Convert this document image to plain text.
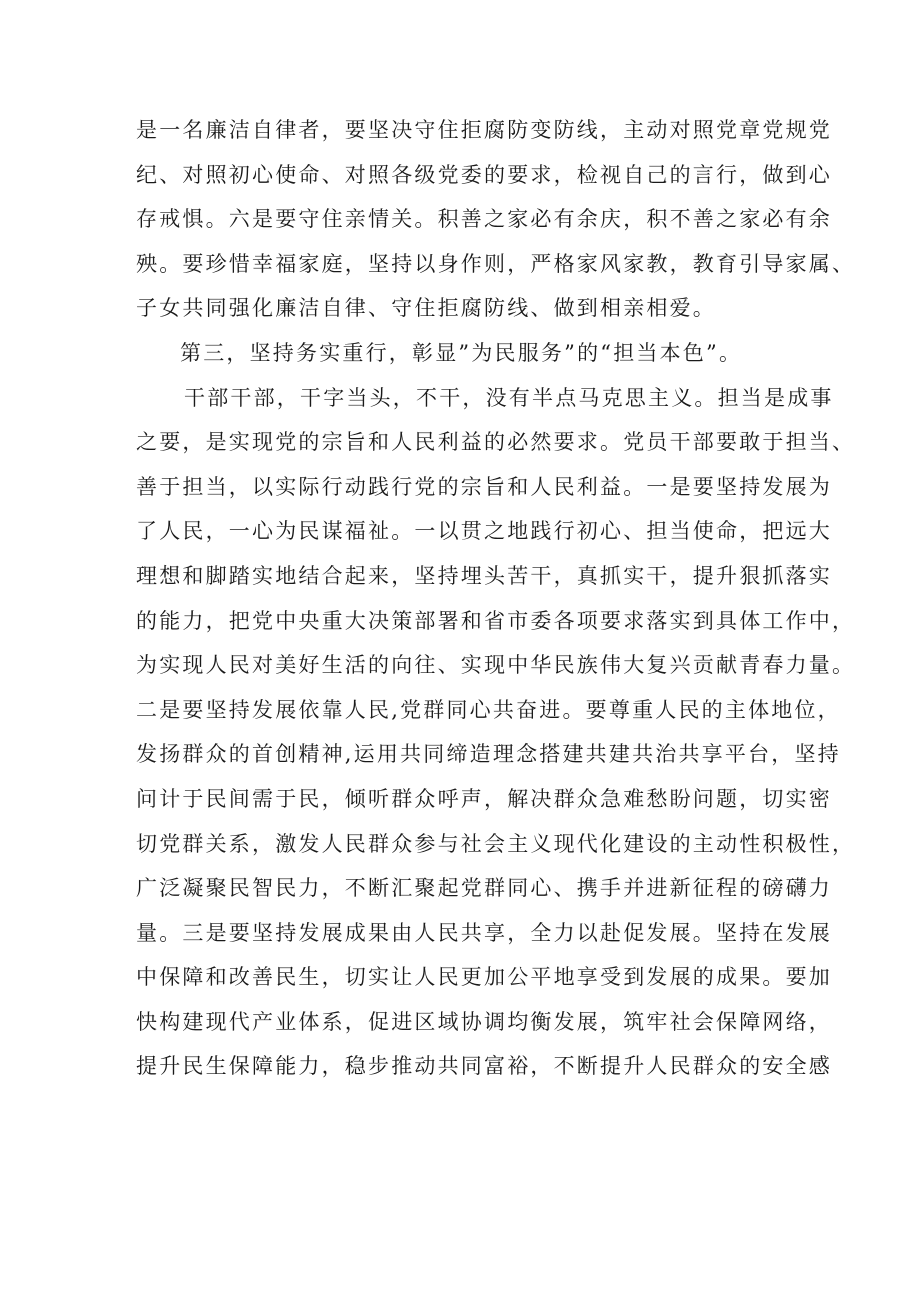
是一名廉洁自律者，要坚决守住拒腐防变防线，主动对照党章党规党
纪、对照初心使命、对照各级党委的要求，检视自己的言行，做到心
存戒惧。六是要守住亲情关。积善之家必有余庆，积不善之家必有余
殃。要珍惜幸福家庭，坚持以身作则，严格家风家教，教育引导家属、
子女共同强化廉洁自律、守住拒腐防线、做到相亲相爱。
第三，坚持务实重行，彰显”为民服务”的“担当本色”。
干部干部，干字当头，不干，没有半点马克思主义。担当是成事
之要，是实现党的宗旨和人民利益的必然要求。党员干部要敢于担当、
善于担当，以实际行动践行党的宗旨和人民利益。一是要坚持发展为
了人民，一心为民谋福祉。一以贯之地践行初心、担当使命，把远大
理想和脚踏实地结合起来，坚持埋头苦干，真抓实干，提升狠抓落实
的能力，把党中央重大决策部署和省市委各项要求落实到具体工作中，
为实现人民对美好生活的向往、实现中华民族伟大复兴贡献青春力量。
二是要坚持发展依靠人民,党群同心共奋进。要尊重人民的主体地位，
发扬群众的首创精神,运用共同缔造理念搭建共建共治共享平台，坚持
问计于民间需于民，倾听群众呼声，解决群众急难愁盼问题，切实密
切党群关系，激发人民群众参与社会主义现代化建设的主动性积极性，
广泛凝聚民智民力，不断汇聚起党群同心、携手并进新征程的磅礴力
量。三是要坚持发展成果由人民共享，全力以赴促发展。坚持在发展
中保障和改善民生，切实让人民更加公平地享受到发展的成果。要加
快构建现代产业体系，促进区域协调均衡发展，筑牢社会保障网络，
提升民生保障能力，稳步推动共同富裕，不断提升人民群众的安全感
